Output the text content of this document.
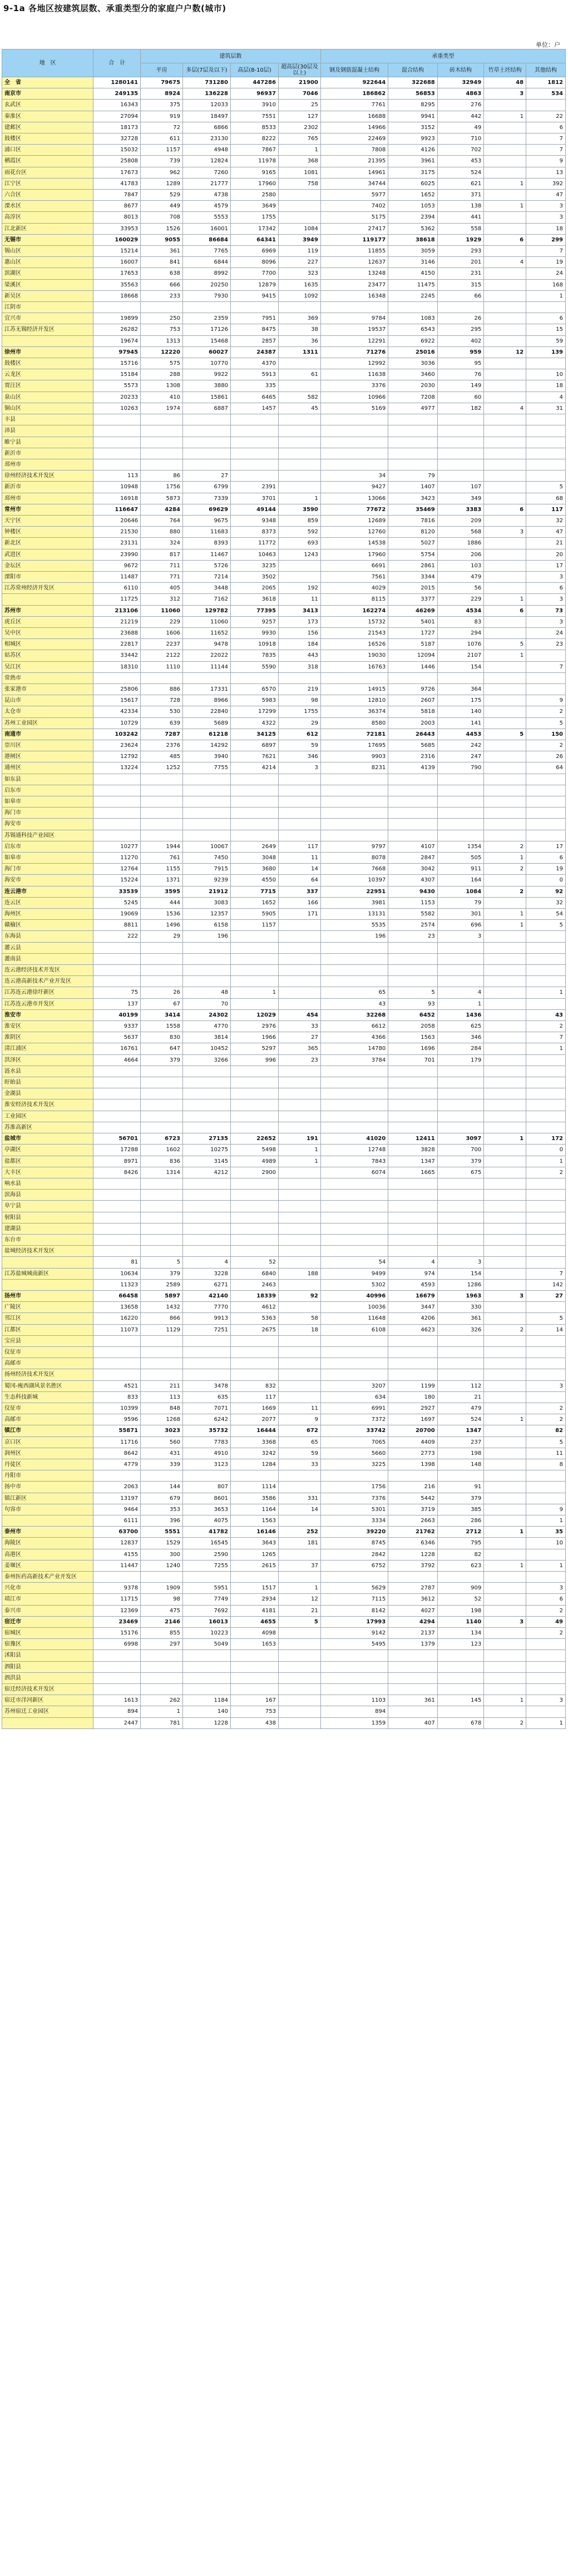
9-1a 各地区按建筑层数、承重类型分的家庭户户数(城市)
单位：户
地　区	合　计	建筑层数				承重类型				
		平房	多层(7层及以下)	高层(8-10层)	超高层(30层及以上)	钢及钢筋混凝土结构	混合结构	砖木结构	竹草土坯结构	其他结构
全　省	1280141	79675	731280	447286	21900	922644	322688	32949	48	1812
南京市	249135	8924	136228	96937	7046	186862	56853	4863	3	534
玄武区	16343	375	12033	3910	25	7761	8295	276		
秦淮区	27094	919	18497	7551	127	16688	9941	442	1	22
建邺区	18173	72	6866	8533	2302	14966	3152	49		6
鼓楼区	32728	611	23130	8222	765	22469	9923	710		7
浦口区	15032	1157	4948	7867	1	7808	4126	702		7
栖霞区	25808	739	12824	11978	368	21395	3961	453		9
雨花台区	17673	962	7260	9165	1081	14961	3175	524		13
江宁区	41783	1289	21777	17960	758	34744	6025	621	1	392
六合区	7847	529	4738	2580		5977	1652	371		47
溧水区	8677	449	4579	3649		7402	1053	138	1	3
高淳区	8013	708	5553	1755		5175	2394	441		3
江北新区	33953	1526	16001	17342	1084	27417	5362	558		18
无锡市	160029	9055	86684	64341	3949	119177	38618	1929	6	299
锡山区	15214	361	7765	6969	119	11855	3059	293		7
惠山区	16007	841	6844	8096	227	12637	3146	201	4	19
滨湖区	17653	638	8992	7700	323	13248	4150	231		24
梁溪区	35563	666	20250	12879	1635	23477	11475	315		168
新吴区	18668	233	7930	9415	1092	16348	2245	66		1
江阴市										
宜兴市	19899	250	2359	7951	369	9784	1083	26		6
江苏无锡经济开发区	26282	753	17126	8475	38	19537	6543	295		15
	19674	1313	15468	2857	36	12291	6922	402		59
徐州市	97945	12220	60027	24387	1311	71276	25016	959	12	139
鼓楼区	15716	575	10770	4370		12992	3036	95		
云龙区	15184	288	9922	5913	61	11638	3460	76		10
贾汪区	5573	1308	3880	335		3376	2030	149		18
泉山区	20233	410	15861	6465	582	10966	7208	60		4
铜山区	10263	1974	6887	1457	45	5169	4977	182	4	31
丰县										
沛县										
睢宁县										
新沂市										
邳州市										
徐州经济技术开发区	113	86	27			34	79			
新沂市	10948	1756	6799	2391		9427	1407	107		5
邳州市	16918	5873	7339	3701	1	13066	3423	349		68
常州市	116647	4284	69629	49144	3590	77672	35469	3383	6	117
天宁区	20646	764	9675	9348	859	12689	7816	209		32
钟楼区	21530	880	11683	8373	592	12760	8120	568	3	47
新北区	23131	324	8393	11772	693	14538	5027	1886		21
武进区	23990	817	11467	10463	1243	17960	5754	206		20
金坛区	9672	711	5726	3235		6691	2861	103		17
溧阳市	11487	771	7214	3502		7561	3344	479		3
江苏常州经济开发区	6110	405	3448	2065	192	4029	2015	56		6
	11725	312	7162	3618	11	8115	3377	229	1	3
苏州市	213106	11060	129782	77395	3413	162274	46269	4534	6	73
虎丘区	21219	229	11060	9257	173	15732	5401	83		3
吴中区	23688	1606	11652	9930	156	21543	1727	294		24
相城区	22817	2237	9478	10918	184	16526	5187	1076	5	23
姑苏区	33442	2122	22022	7835	443	19030	12094	2107	1	
吴江区	18310	1110	11144	5590	318	16763	1446	154		7
常熟市										
张家港市	25806	886	17331	6570	219	14915	9726	364		
昆山市	15617	728	8966	5983	98	12810	2607	175		9
太仓市	42334	530	22840	17299	1755	36374	5818	140		2
苏州工业园区	10729	639	5689	4322	29	8580	2003	141		5
南通市	103242	7287	61218	34125	612	72181	26443	4453	5	150
崇川区	23624	2376	14292	6897	59	17695	5685	242		2
港闸区	12792	485	3940	7621	346	9903	2316	247		26
通州区	13224	1252	7755	4214	3	8231	4139	790		64
如东县										
启东市										
如皋市										
海门市										
海安市										
苏锡通科技产业园区										
启东市	10277	1944	10067	2649	117	9797	4107	1354	2	17
如皋市	11270	761	7450	3048	11	8078	2847	505	1	6
海门市	12764	1155	7915	3680	14	7668	3042	911	2	19
海安市	15224	1371	9239	4550	64	10397	4307	164		0
连云港市	33539	3595	21912	7715	337	22951	9430	1084	2	92
连云区	5245	444	3083	1652	166	3981	1153	79		32
海州区	19069	1536	12357	5905	171	13131	5582	301	1	54
赣榆区	8811	1496	6158	1157		5535	2574	696	1	5
东海县	222	29	196			196	23	3		
灌云县										
灌南县										
连云港经济技术开发区										
连云港高新技术产业开发区										
江苏连云港徐圩新区	75	26	48	1		65	5	4		1
江苏连云港市开发区	137	67	70			43	93	1		
淮安市	40199	3414	24302	12029	454	32268	6452	1436		43
淮安区	9337	1558	4770	2976	33	6612	2058	625		2
淮阴区	5637	830	3814	1966	27	4366	1563	346		7
清江浦区	16761	647	10452	5297	365	14780	1696	284		1
洪泽区	4664	379	3266	996	23	3784	701	179		
涟水县										
盱眙县										
金湖县										
淮安经济技术开发区										
工业园区										
苏淮高新区										
盐城市	56701	6723	27135	22652	191	41020	12411	3097	1	172
亭湖区	17288	1602	10275	5498	1	12748	3828	700		0
盐都区	8971	836	3145	4989	1	7843	1347	379		1
大丰区	8426	1314	4212	2900		6074	1665	675		2
响水县										
滨海县										
阜宁县										
射阳县										
建湖县										
东台市										
盐城经济技术开发区										
	81	5	4	52		54	4	3		
江苏盐城城南新区	10634	379	3228	6840	188	9499	974	154		7
	11323	2589	6271	2463		5302	4593	1286		142
扬州市	66458	5897	42140	18339	92	40996	16679	1963	3	27
广陵区	13658	1432	7770	4612		10036	3447	330		
邗江区	16220	866	9913	5363	58	11648	4206	361		5
江都区	11073	1129	7251	2675	18	6108	4623	326	2	14
宝应县										
仪征市										
高邮市										
扬州经济技术开发区										
蜀冈-瘦西湖风景名胜区	4521	211	3478	832		3207	1199	112		3
生态科技新城	833	113	635	117		634	180	21		
仪征市	10399	848	7071	1669	11	6991	2927	479		2
高邮市	9596	1268	6242	2077	9	7372	1697	524	1	2
镇江市	55871	3023	35732	16444	672	33742	20700	1347		82
京口区	11716	560	7783	3368	65	7065	4409	237		5
润州区	8642	431	4910	3242	59	5660	2773	198		11
丹徒区	4779	339	3123	1284	33	3225	1398	148		8
丹阳市										
扬中市	2063	144	807	1114		1756	216	91		
镇江新区	13197	679	8601	3586	331	7376	5442	379		
句容市	9464	353	3653	1164	14	5301	3719	385		9
	6111	396	4075	1563		3334	2663	286		1
泰州市	63700	5551	41782	16146	252	39220	21762	2712	1	35
海陵区	12837	1529	16545	3643	181	8745	6346	795		10
高港区	4155	300	2590	1265		2842	1228	82		
姜堰区	11447	1240	7255	2615	37	6752	3792	623	1	1
泰州医药高新技术产业开发区										
兴化市	9378	1909	5951	1517	1	5629	2787	909		3
靖江市	11715	98	7749	2934	12	7115	3612	52		6
泰兴市	12369	475	7692	4181	21	8142	4027	198		2
宿迁市	23469	2146	16013	4655	5	17993	4294	1140	3	49
宿城区	15176	855	10223	4098		9142	2137	134		2
宿豫区	6998	297	5049	1653		5495	1379	123		
沭阳县										
泗阳县										
泗洪县										
宿迁经济技术开发区										
宿迁市洋河新区	1613	262	1184	167		1103	361	145	1	3
苏州宿迁工业园区	894	1	140	753		894				
	2447	781	1228	438		1359	407	678	2	1
